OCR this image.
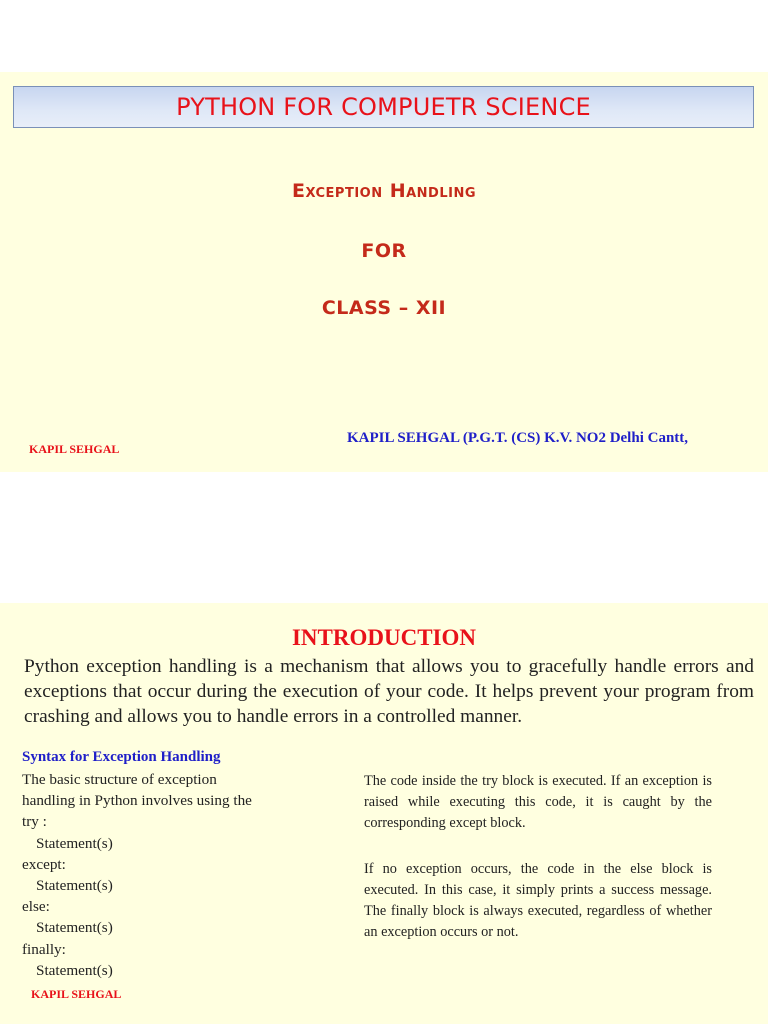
PYTHON FOR COMPUETR SCIENCE
Exception Handling
FOR
CLASS – XII
KAPIL SEHGAL
KAPIL SEHGAL (P.G.T. (CS) K.V. NO2 Delhi Cantt,
INTRODUCTION
Python exception handling is a mechanism that allows you to gracefully handle errors and exceptions that occur during the execution of your code. It helps prevent your program from crashing and allows you to handle errors in a controlled manner.
Syntax for Exception Handling
The basic structure of exception
handling in Python involves using the
try :
Statement(s)
except:
Statement(s)
else:
Statement(s)
finally:
Statement(s)
The code inside the try block is executed. If an exception is raised while executing this code, it is caught by the corresponding except block.
If no exception occurs, the code in the else block is executed. In this case, it simply prints a success message. The finally block is always executed, regardless of whether an exception occurs or not.
KAPIL SEHGAL
